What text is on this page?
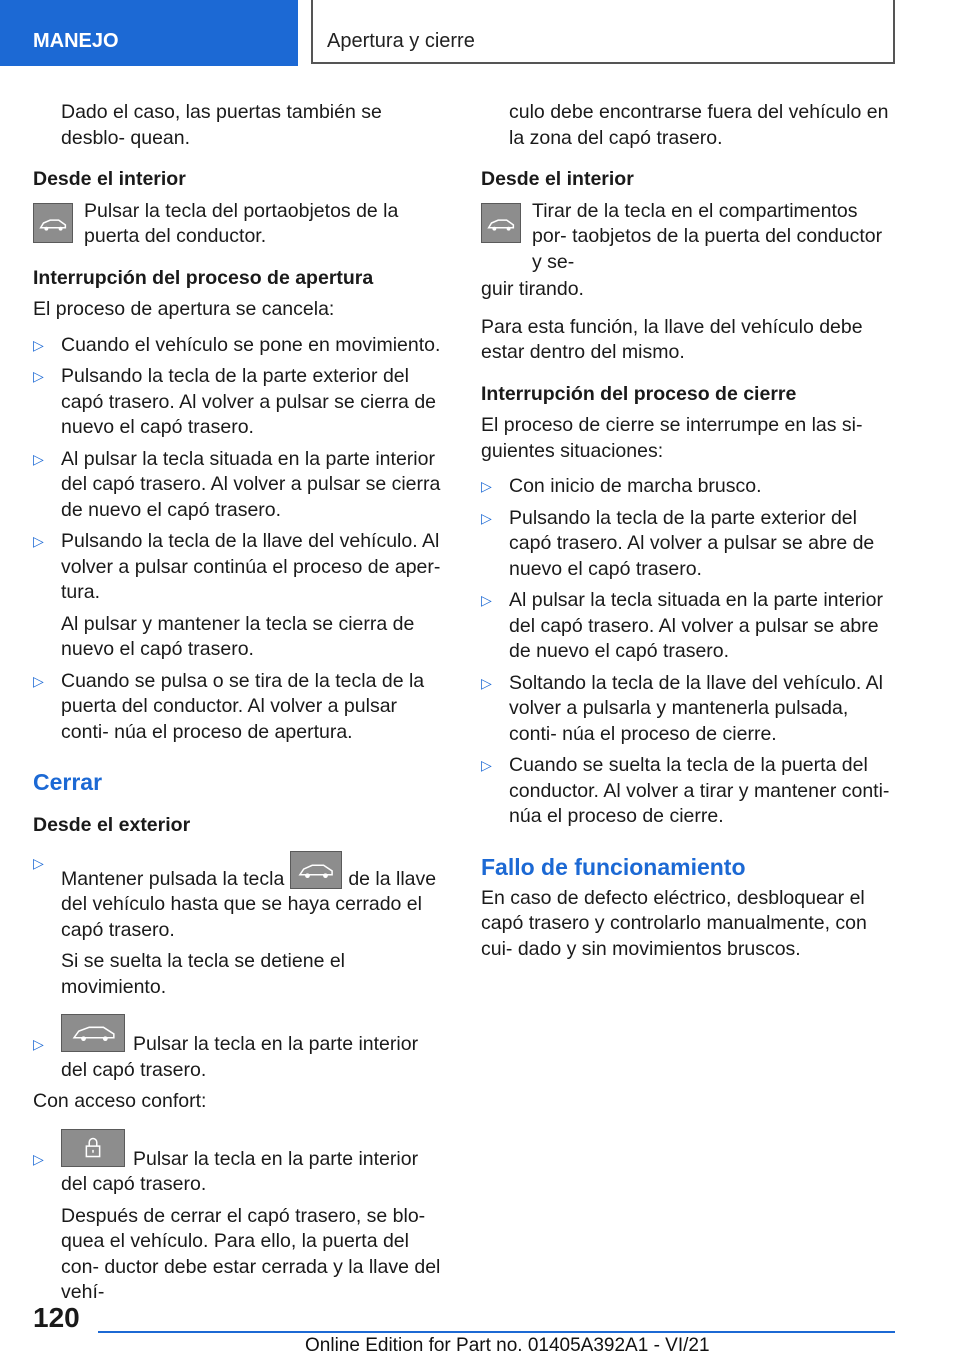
MANEJO	Apertura y cierre

Dado el caso, las puertas también se desblo- quean.

Desde el interior
Pulsar la tecla del portaobjetos de la puerta del conductor.
Interrupción del proceso de apertura

El proceso de apertura se cancela:

▷ Cuando el vehículo se pone en movimiento.

▷ Pulsando la tecla de la parte exterior del capó trasero. Al volver a pulsar se cierra de nuevo el capó trasero.

▷ Al pulsar la tecla situada en la parte interior del capó trasero. Al volver a pulsar se cierra de nuevo el capó trasero.

▷ Pulsando la tecla de la llave del vehículo. Al volver a pulsar continúa el proceso de aper- tura.

Al pulsar y mantener la tecla se cierra de nuevo el capó trasero.

▷ Cuando se pulsa o se tira de la tecla de la puerta del conductor. Al volver a pulsar conti- núa el proceso de apertura.

Cerrar
Desde el exterior
▷

Mantener pulsada la tecla	de la llave del vehículo hasta que se haya cerrado el capó trasero.

Si se suelta la tecla se detiene el movimiento.

▷	Pulsar la tecla en la parte interior del capó trasero.

Con acceso confort:

▷	Pulsar la tecla en la parte interior del capó trasero.

Después de cerrar el capó trasero, se blo- quea el vehículo. Para ello, la puerta del con- ductor debe estar cerrada y la llave del vehí-

culo debe encontrarse fuera del vehículo en la zona del capó trasero.

Desde el interior
Tirar de la tecla en el compartimentos por- taobjetos de la puerta del conductor y se-

guir tirando.

Para esta función, la llave del vehículo debe estar dentro del mismo.

Interrupción del proceso de cierre

El proceso de cierre se interrumpe en las si- guientes situaciones:

▷ Con inicio de marcha brusco.

▷ Pulsando la tecla de la parte exterior del capó trasero. Al volver a pulsar se abre de nuevo el capó trasero.

▷ Al pulsar la tecla situada en la parte interior del capó trasero. Al volver a pulsar se abre de nuevo el capó trasero.

▷ Soltando la tecla de la llave del vehículo. Al volver a pulsarla y mantenerla pulsada, conti- núa el proceso de cierre.

▷ Cuando se suelta la tecla de la puerta del conductor. Al volver a tirar y mantener conti- núa el proceso de cierre.

Fallo de funcionamiento

En caso de defecto eléctrico, desbloquear el capó trasero y controlarlo manualmente, con cui- dado y sin movimientos bruscos.

120
Online Edition for Part no. 01405A392A1 - VI/21
